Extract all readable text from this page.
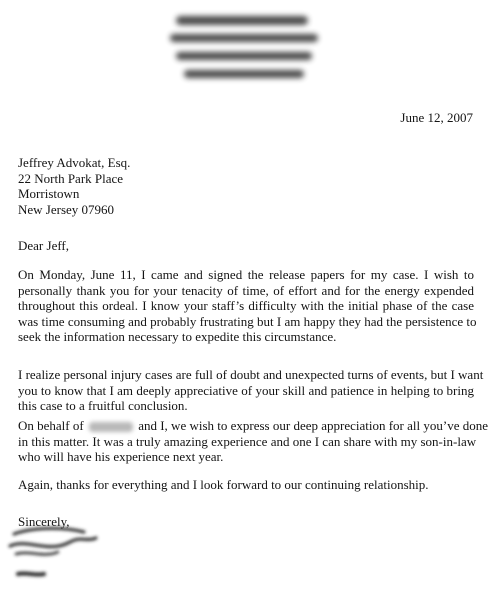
June 12, 2007
Jeffrey Advokat, Esq.
22 North Park Place
Morristown
New Jersey 07960
Dear Jeff,
On Monday, June 11, I came and signed the release papers for my case. I wish to
personally thank you for your tenacity of time, of effort and for the energy expended
throughout this ordeal. I know your staff’s difficulty with the initial phase of the case
was time consuming and probably frustrating but I am happy they had the persistence to
seek the information necessary to expedite this circumstance.
I realize personal injury cases are full of doubt and unexpected turns of events, but I want
you to know that I am deeply appreciative of your skill and patience in helping to bring
this case to a fruitful conclusion.
On behalf of	and I, we wish to express our deep appreciation for all you’ve done
in this matter. It was a truly amazing experience and one I can share with my son-in-law
who will have his experience next year.
Again, thanks for everything and I look forward to our continuing relationship.
Sincerely,
